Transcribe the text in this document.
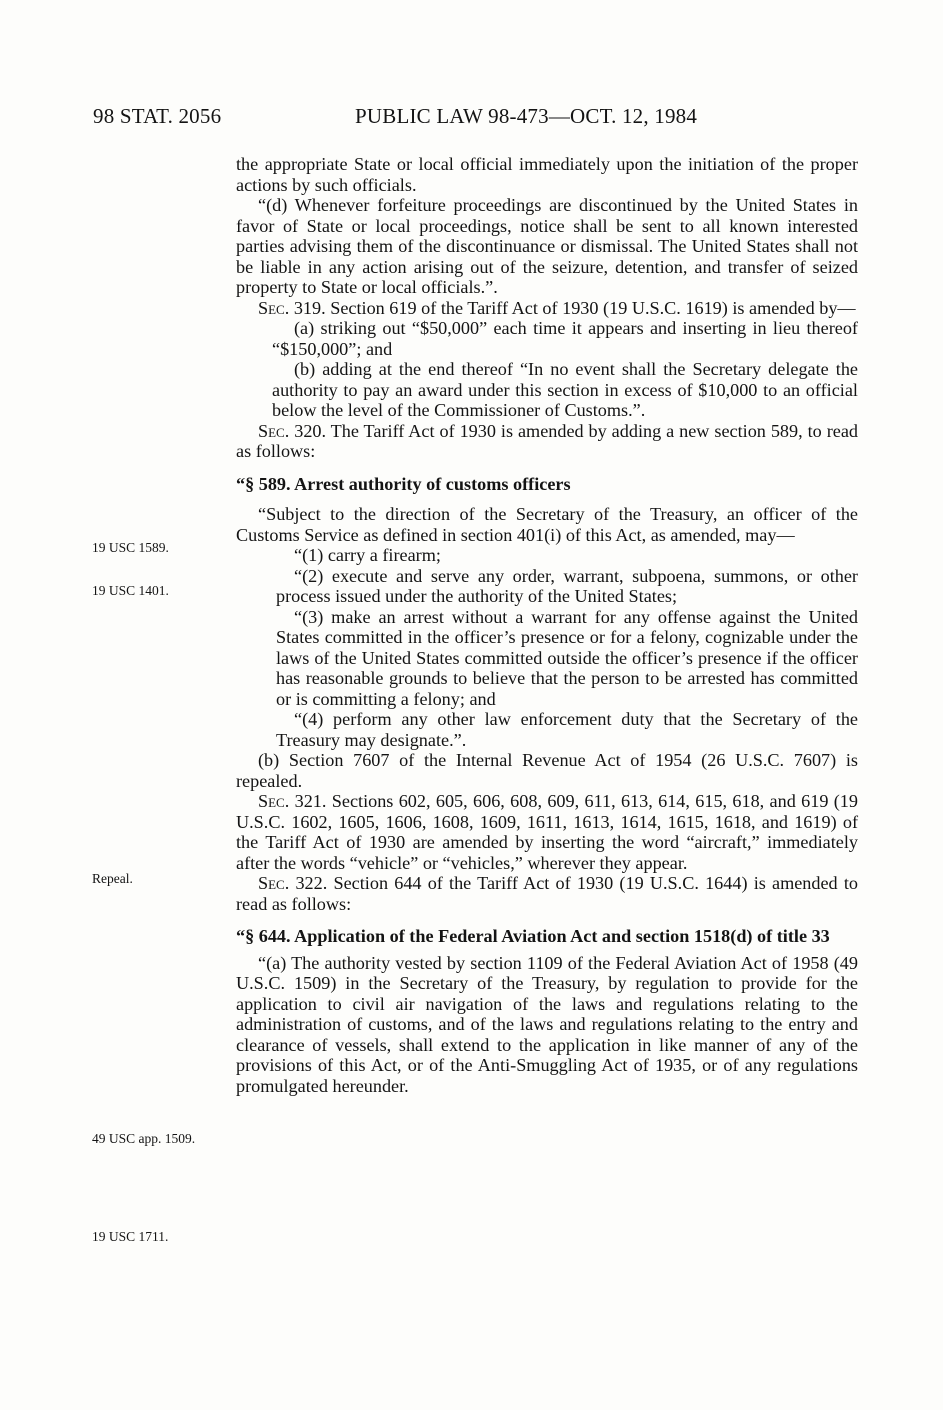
98 STAT. 2056	PUBLIC LAW 98-473—OCT. 12, 1984
19 USC 1589.
19 USC 1401.
Repeal.
49 USC app. 1509.
19 USC 1711.

the appropriate State or local official immediately upon the initiation of the proper actions by such officials.

“(d) Whenever forfeiture proceedings are discontinued by the United States in favor of State or local proceedings, notice shall be sent to all known interested parties advising them of the discontinuance or dismissal. The United States shall not be liable in any action arising out of the seizure, detention, and transfer of seized property to State or local officials.”.

Sec. 319. Section 619 of the Tariff Act of 1930 (19 U.S.C. 1619) is amended by—

(a) striking out “$50,000” each time it appears and inserting in lieu thereof “$150,000”; and

(b) adding at the end thereof “In no event shall the Secretary delegate the authority to pay an award under this section in excess of $10,000 to an official below the level of the Commissioner of Customs.”.

Sec. 320. The Tariff Act of 1930 is amended by adding a new section 589, to read as follows:

“§ 589. Arrest authority of customs officers

“Subject to the direction of the Secretary of the Treasury, an officer of the Customs Service as defined in section 401(i) of this Act, as amended, may—

“(1) carry a firearm;

“(2) execute and serve any order, warrant, subpoena, summons, or other process issued under the authority of the United States;

“(3) make an arrest without a warrant for any offense against the United States committed in the officer’s presence or for a felony, cognizable under the laws of the United States committed outside the officer’s presence if the officer has reasonable grounds to believe that the person to be arrested has committed or is committing a felony; and

“(4) perform any other law enforcement duty that the Secretary of the Treasury may designate.”.

(b) Section 7607 of the Internal Revenue Act of 1954 (26 U.S.C. 7607) is repealed.

Sec. 321. Sections 602, 605, 606, 608, 609, 611, 613, 614, 615, 618, and 619 (19 U.S.C. 1602, 1605, 1606, 1608, 1609, 1611, 1613, 1614, 1615, 1618, and 1619) of the Tariff Act of 1930 are amended by inserting the word “aircraft,” immediately after the words “vehicle” or “vehicles,” wherever they appear.

Sec. 322. Section 644 of the Tariff Act of 1930 (19 U.S.C. 1644) is amended to read as follows:

“§ 644. Application of the Federal Aviation Act and section 1518(d) of title 33

“(a) The authority vested by section 1109 of the Federal Aviation Act of 1958 (49 U.S.C. 1509) in the Secretary of the Treasury, by regulation to provide for the application to civil air navigation of the laws and regulations relating to the administration of customs, and of the laws and regulations relating to the entry and clearance of vessels, shall extend to the application in like manner of any of the provisions of this Act, or of the Anti-Smuggling Act of 1935, or of any regulations promulgated hereunder.
